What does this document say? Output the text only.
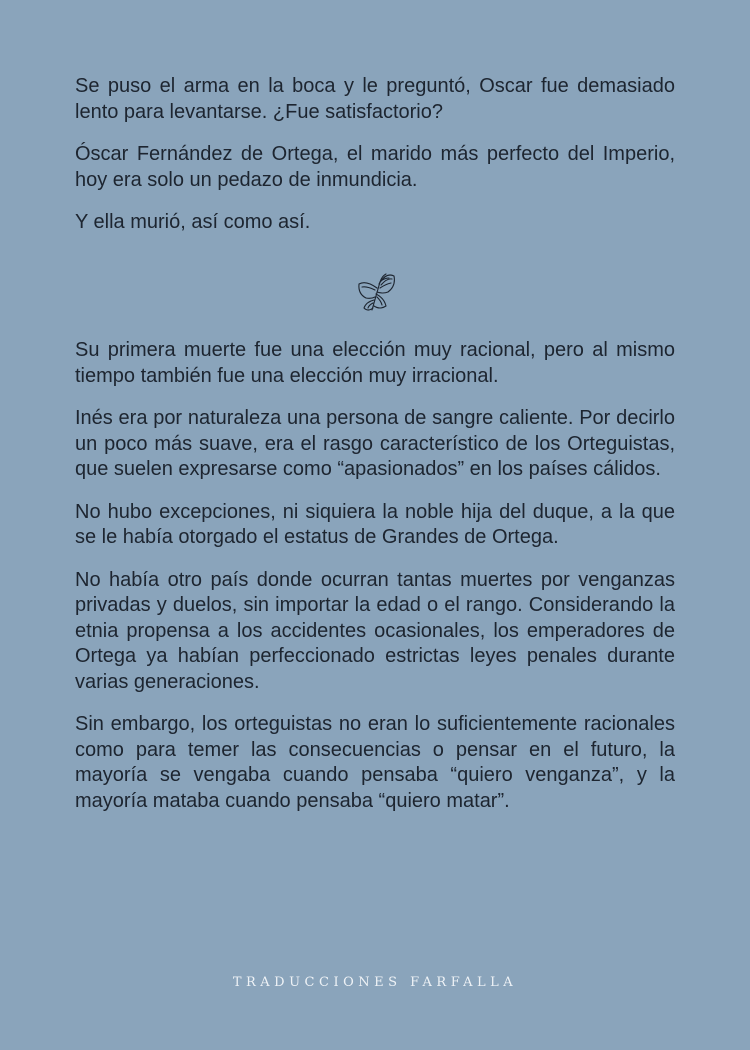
Se puso el arma en la boca y le preguntó, Oscar fue demasiado lento para levantarse. ¿Fue satisfactorio?

Óscar Fernández de Ortega, el marido más perfecto del Imperio, hoy era solo un pedazo de inmundicia.

Y ella murió, así como así.

Su primera muerte fue una elección muy racional, pero al mismo tiempo también fue una elección muy irracional.

Inés era por naturaleza una persona de sangre caliente. Por decirlo un poco más suave, era el rasgo característico de los Orteguistas, que suelen expresarse como “apasionados” en los países cálidos.

No hubo excepciones, ni siquiera la noble hija del duque, a la que se le había otorgado el estatus de Grandes de Ortega.

No había otro país donde ocurran tantas muertes por venganzas privadas y duelos, sin importar la edad o el rango. Considerando la etnia propensa a los accidentes ocasionales, los emperadores de Ortega ya habían perfeccionado estrictas leyes penales durante varias generaciones.

Sin embargo, los orteguistas no eran lo suficientemente racionales como para temer las consecuencias o pensar en el futuro, la mayoría se vengaba cuando pensaba “quiero venganza”, y la mayoría mataba cuando pensaba “quiero matar”.

TRADUCCIONES FARFALLA
